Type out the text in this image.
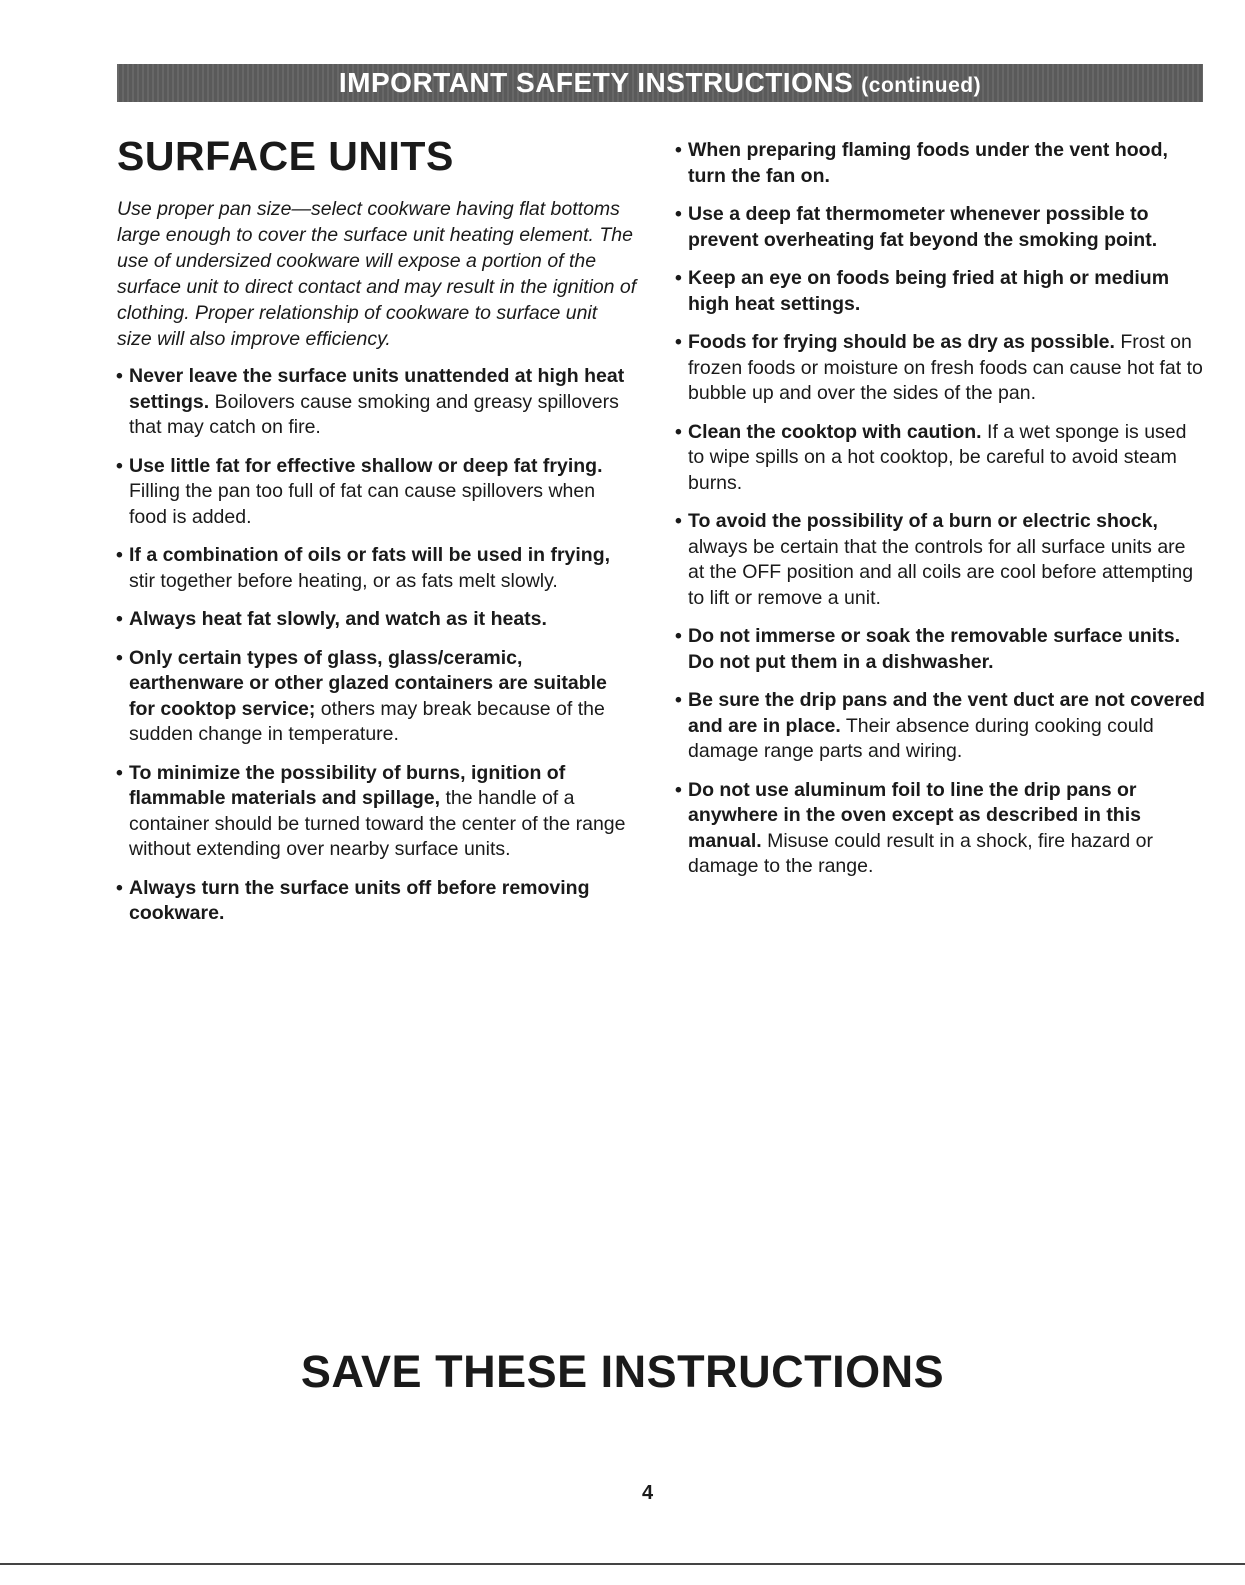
IMPORTANT SAFETY INSTRUCTIONS (continued)
SURFACE UNITS

Use proper pan size—select cookware having flat bottoms large enough to cover the surface unit heating element. The use of undersized cookware will expose a portion of the surface unit to direct contact and may result in the ignition of clothing. Proper relationship of cookware to surface unit size will also improve efficiency.

• Never leave the surface units unattended at high heat settings. Boilovers cause smoking and greasy spillovers that may catch on fire.

• Use little fat for effective shallow or deep fat frying. Filling the pan too full of fat can cause spillovers when food is added.

• If a combination of oils or fats will be used in frying, stir together before heating, or as fats melt slowly.

• Always heat fat slowly, and watch as it heats.

• Only certain types of glass, glass/ceramic, earthenware or other glazed containers are suitable for cooktop service; others may break because of the sudden change in temperature.

• To minimize the possibility of burns, ignition of flammable materials and spillage, the handle of a container should be turned toward the center of the range without extending over nearby surface units.

• Always turn the surface units off before removing cookware.

• When preparing flaming foods under the vent hood, turn the fan on.

• Use a deep fat thermometer whenever possible to prevent overheating fat beyond the smoking point.

• Keep an eye on foods being fried at high or medium high heat settings.

• Foods for frying should be as dry as possible. Frost on frozen foods or moisture on fresh foods can cause hot fat to bubble up and over the sides of the pan.

• Clean the cooktop with caution. If a wet sponge is used to wipe spills on a hot cooktop, be careful to avoid steam burns.

• To avoid the possibility of a burn or electric shock, always be certain that the controls for all surface units are at the OFF position and all coils are cool before attempting to lift or remove a unit.

• Do not immerse or soak the removable surface units. Do not put them in a dishwasher.

• Be sure the drip pans and the vent duct are not covered and are in place. Their absence during cooking could damage range parts and wiring.

• Do not use aluminum foil to line the drip pans or anywhere in the oven except as described in this manual. Misuse could result in a shock, fire hazard or damage to the range.

SAVE THESE INSTRUCTIONS
4
